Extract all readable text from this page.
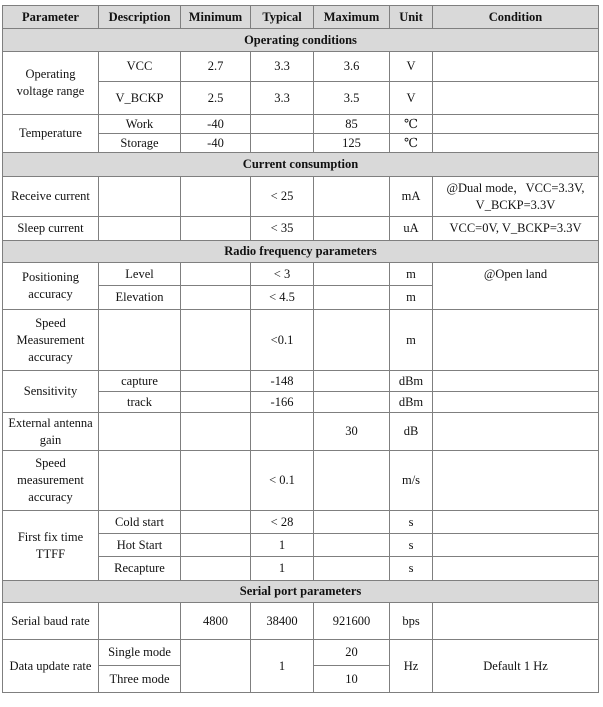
Parameter	Description	Minimum	Typical	Maximum	Unit	Condition
Operating conditions						
Operating voltage range	VCC	2.7	3.3	3.6	V	
	V_BCKP	2.5	3.3	3.5	V	
Temperature	Work	-40		85	℃	
	Storage	-40		125	℃	
Current consumption						
Receive current			< 25		mA	@Dual mode，VCC=3.3V, V_BCKP=3.3V
Sleep current			< 35		uA	VCC=0V, V_BCKP=3.3V
Radio frequency parameters						
Positioning accuracy	Level		< 3		m	@Open land
	Elevation		< 4.5		m	
Speed Measurement accuracy			<0.1		m	
Sensitivity	capture		-148		dBm	
	track		-166		dBm	
External antenna gain				30	dB	
Speed measurement accuracy			< 0.1		m/s	
First fix time TTFF	Cold start		< 28		s	
	Hot Start		1		s	
	Recapture		1		s	
Serial port parameters						
Serial baud rate		4800	38400	921600	bps	
Data update rate	Single mode		1	20	Hz	Default 1 Hz
	Three mode			10		
